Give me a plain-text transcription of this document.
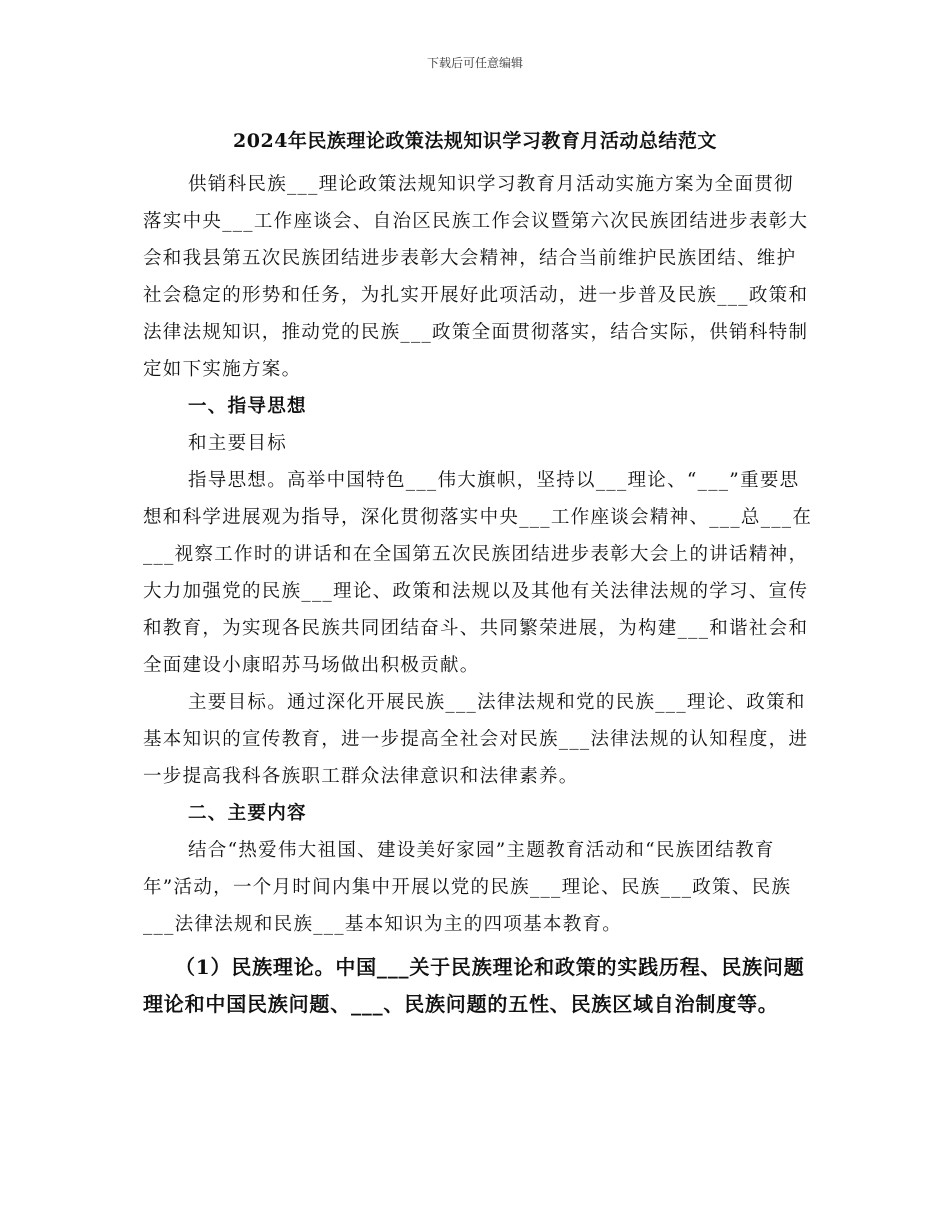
下载后可任意编辑
2024年民族理论政策法规知识学习教育月活动总结范文

供销科民族___理论政策法规知识学习教育月活动实施方案为全面贯彻落实中央___工作座谈会、自治区民族工作会议暨第六次民族团结进步表彰大会和我县第五次民族团结进步表彰大会精神，结合当前维护民族团结、维护社会稳定的形势和任务，为扎实开展好此项活动，进一步普及民族___政策和法律法规知识，推动党的民族___政策全面贯彻落实，结合实际，供销科特制定如下实施方案。

一、指导思想

和主要目标

指导思想。高举中国特色___伟大旗帜，坚持以___理论、“___”重要思想和科学进展观为指导，深化贯彻落实中央___工作座谈会精神、___总___在___视察工作时的讲话和在全国第五次民族团结进步表彰大会上的讲话精神，大力加强党的民族___理论、政策和法规以及其他有关法律法规的学习、宣传和教育，为实现各民族共同团结奋斗、共同繁荣进展，为构建___和谐社会和全面建设小康昭苏马场做出积极贡献。

主要目标。通过深化开展民族___法律法规和党的民族___理论、政策和基本知识的宣传教育，进一步提高全社会对民族___法律法规的认知程度，进一步提高我科各族职工群众法律意识和法律素养。

二、主要内容

结合“热爱伟大祖国、建设美好家园”主题教育活动和“民族团结教育年”活动，一个月时间内集中开展以党的民族___理论、民族___政策、民族___法律法规和民族___基本知识为主的四项基本教育。

（1）民族理论。中国___关于民族理论和政策的实践历程、民族问题理论和中国民族问题、___、民族问题的五性、民族区域自治制度等。
